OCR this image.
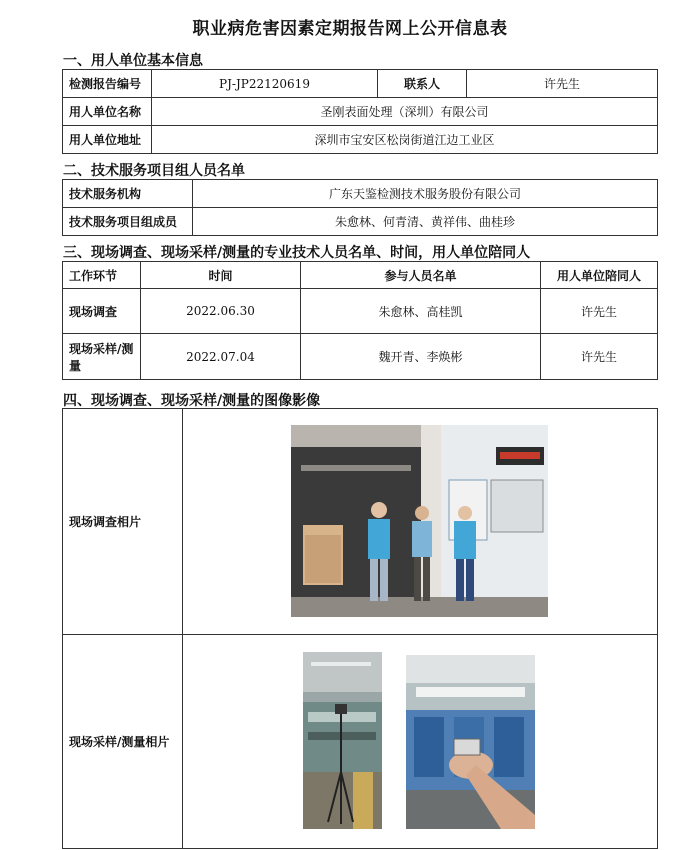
职业病危害因素定期报告网上公开信息表
一、用人单位基本信息
检测报告编号	PJ-JP22120619	联系人	许先生
用人单位名称	圣刚表面处理（深圳）有限公司		
用人单位地址	深圳市宝安区松岗街道江边工业区		
二、技术服务项目组人员名单
技术服务机构	广东天鉴检测技术服务股份有限公司
技术服务项目组成员	朱愈林、何青清、黄祥伟、曲桂珍
三、现场调查、现场采样/测量的专业技术人员名单、时间，用人单位陪同人
工作环节	时间	参与人员名单	用人单位陪同人
现场调查	2022.06.30	朱愈林、高桂凯	许先生
现场采样/测量	2022.07.04	魏开青、李焕彬	许先生
四、现场调查、现场采样/测量的图像影像
现场调查相片	
现场采样/测量相片	
